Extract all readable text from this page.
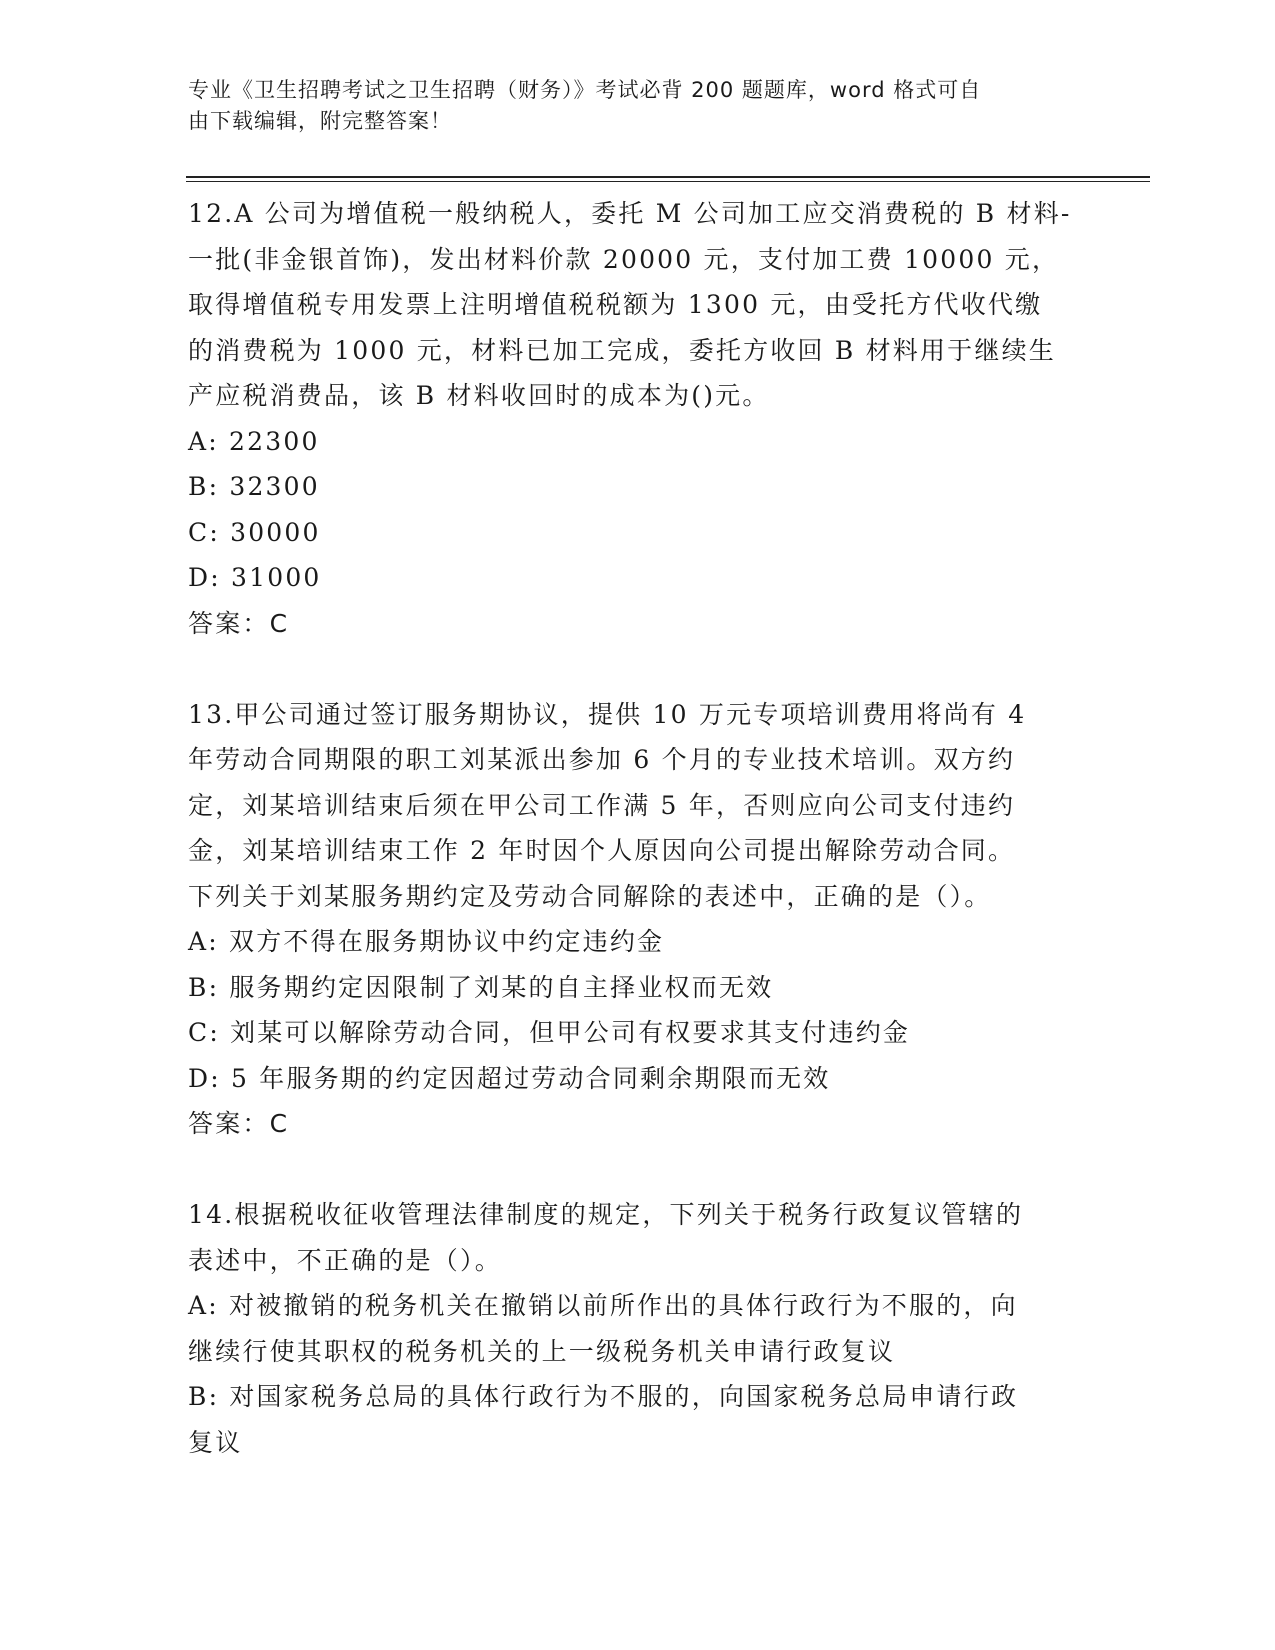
专业《卫生招聘考试之卫生招聘（财务）》考试必背 200 题题库，word 格式可自
由下载编辑，附完整答案！
12.A 公司为增值税一般纳税人，委托 M 公司加工应交消费税的 B 材料-
一批(非金银首饰)，发出材料价款 20000 元，支付加工费 10000 元，
取得增值税专用发票上注明增值税税额为 1300 元，由受托方代收代缴
的消费税为 1000 元，材料已加工完成，委托方收回 B 材料用于继续生
产应税消费品，该 B 材料收回时的成本为()元。
A: 22300
B: 32300
C: 30000
D: 31000
答案：C
13.甲公司通过签订服务期协议，提供 10 万元专项培训费用将尚有 4
年劳动合同期限的职工刘某派出参加 6 个月的专业技术培训。双方约
定，刘某培训结束后须在甲公司工作满 5 年，否则应向公司支付违约
金，刘某培训结束工作 2 年时因个人原因向公司提出解除劳动合同。
下列关于刘某服务期约定及劳动合同解除的表述中，正确的是（）。
A: 双方不得在服务期协议中约定违约金
B: 服务期约定因限制了刘某的自主择业权而无效
C: 刘某可以解除劳动合同，但甲公司有权要求其支付违约金
D: 5 年服务期的约定因超过劳动合同剩余期限而无效
答案：C
14.根据税收征收管理法律制度的规定，下列关于税务行政复议管辖的
表述中，不正确的是（）。
A: 对被撤销的税务机关在撤销以前所作出的具体行政行为不服的，向
继续行使其职权的税务机关的上一级税务机关申请行政复议
B: 对国家税务总局的具体行政行为不服的，向国家税务总局申请行政
复议
